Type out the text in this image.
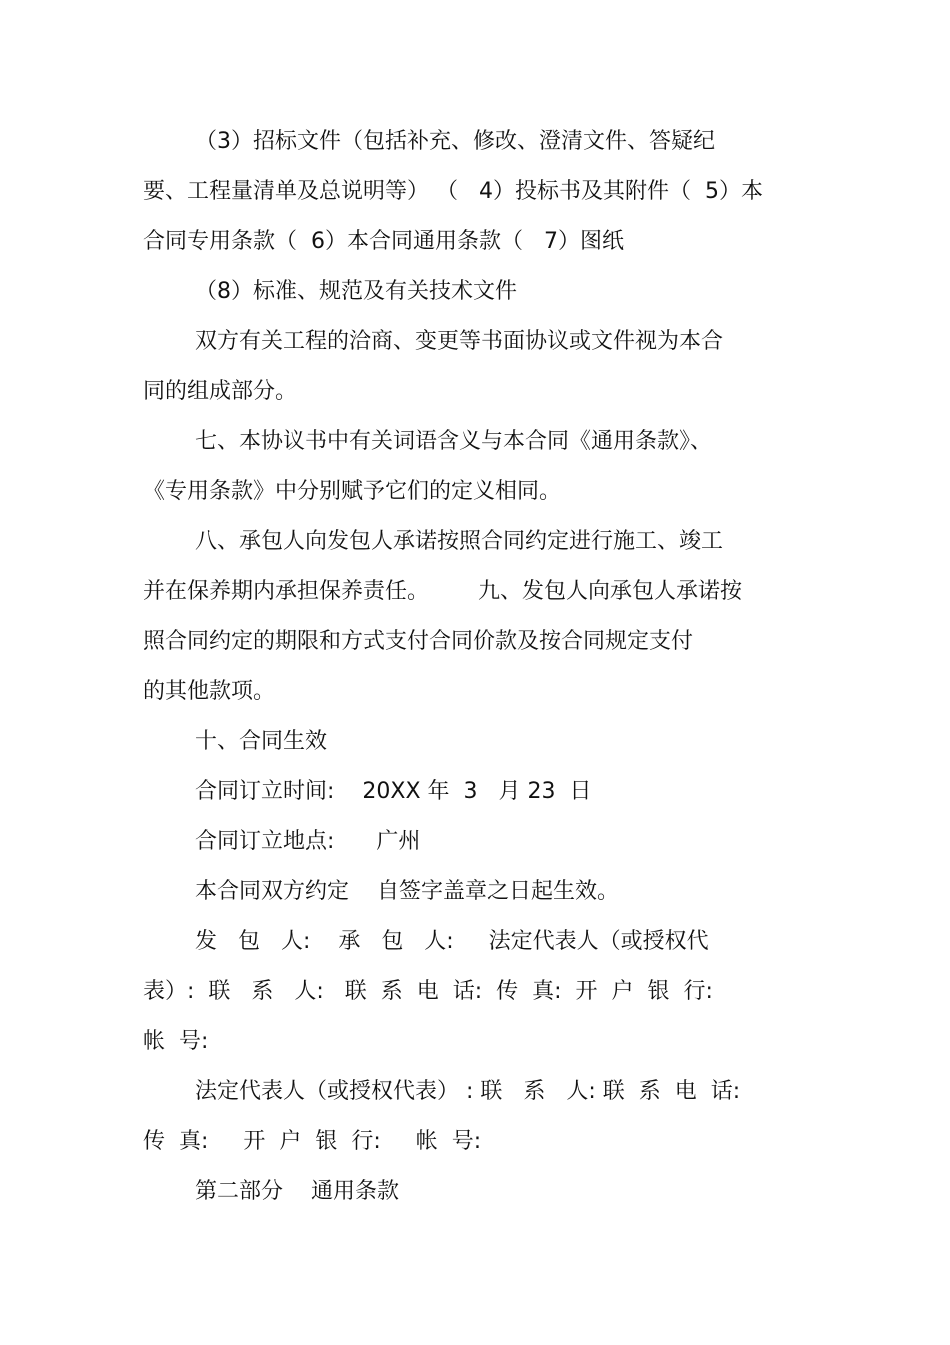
（3）招标文件（包括补充、修改、澄清文件、答疑纪

要、工程量清单及总说明等） （   4）投标书及其附件（  5）本

合同专用条款（  6）本合同通用条款（   7）图纸

（8）标准、规范及有关技术文件

双方有关工程的洽商、变更等书面协议或文件视为本合

同的组成部分。

七、本协议书中有关词语含义与本合同《通用条款》、

《专用条款》中分别赋予它们的定义相同。

八、承包人向发包人承诺按照合同约定进行施工、竣工

并在保养期内承担保养责任。       九、发包人向承包人承诺按

照合同约定的期限和方式支付合同价款及按合同规定支付

的其他款项。

十、合同生效

合同订立时间:    20XX 年  3   月 23  日

合同订立地点:      广州

本合同双方约定    自签字盖章之日起生效。

发   包   人:    承   包   人:     法定代表人（或授权代

表）:  联   系   人:   联  系  电  话:  传  真:  开  户  银  行:

帐  号:

法定代表人（或授权代表） : 联   系   人: 联  系  电  话:

传  真:     开  户  银  行:     帐  号:

第二部分    通用条款
